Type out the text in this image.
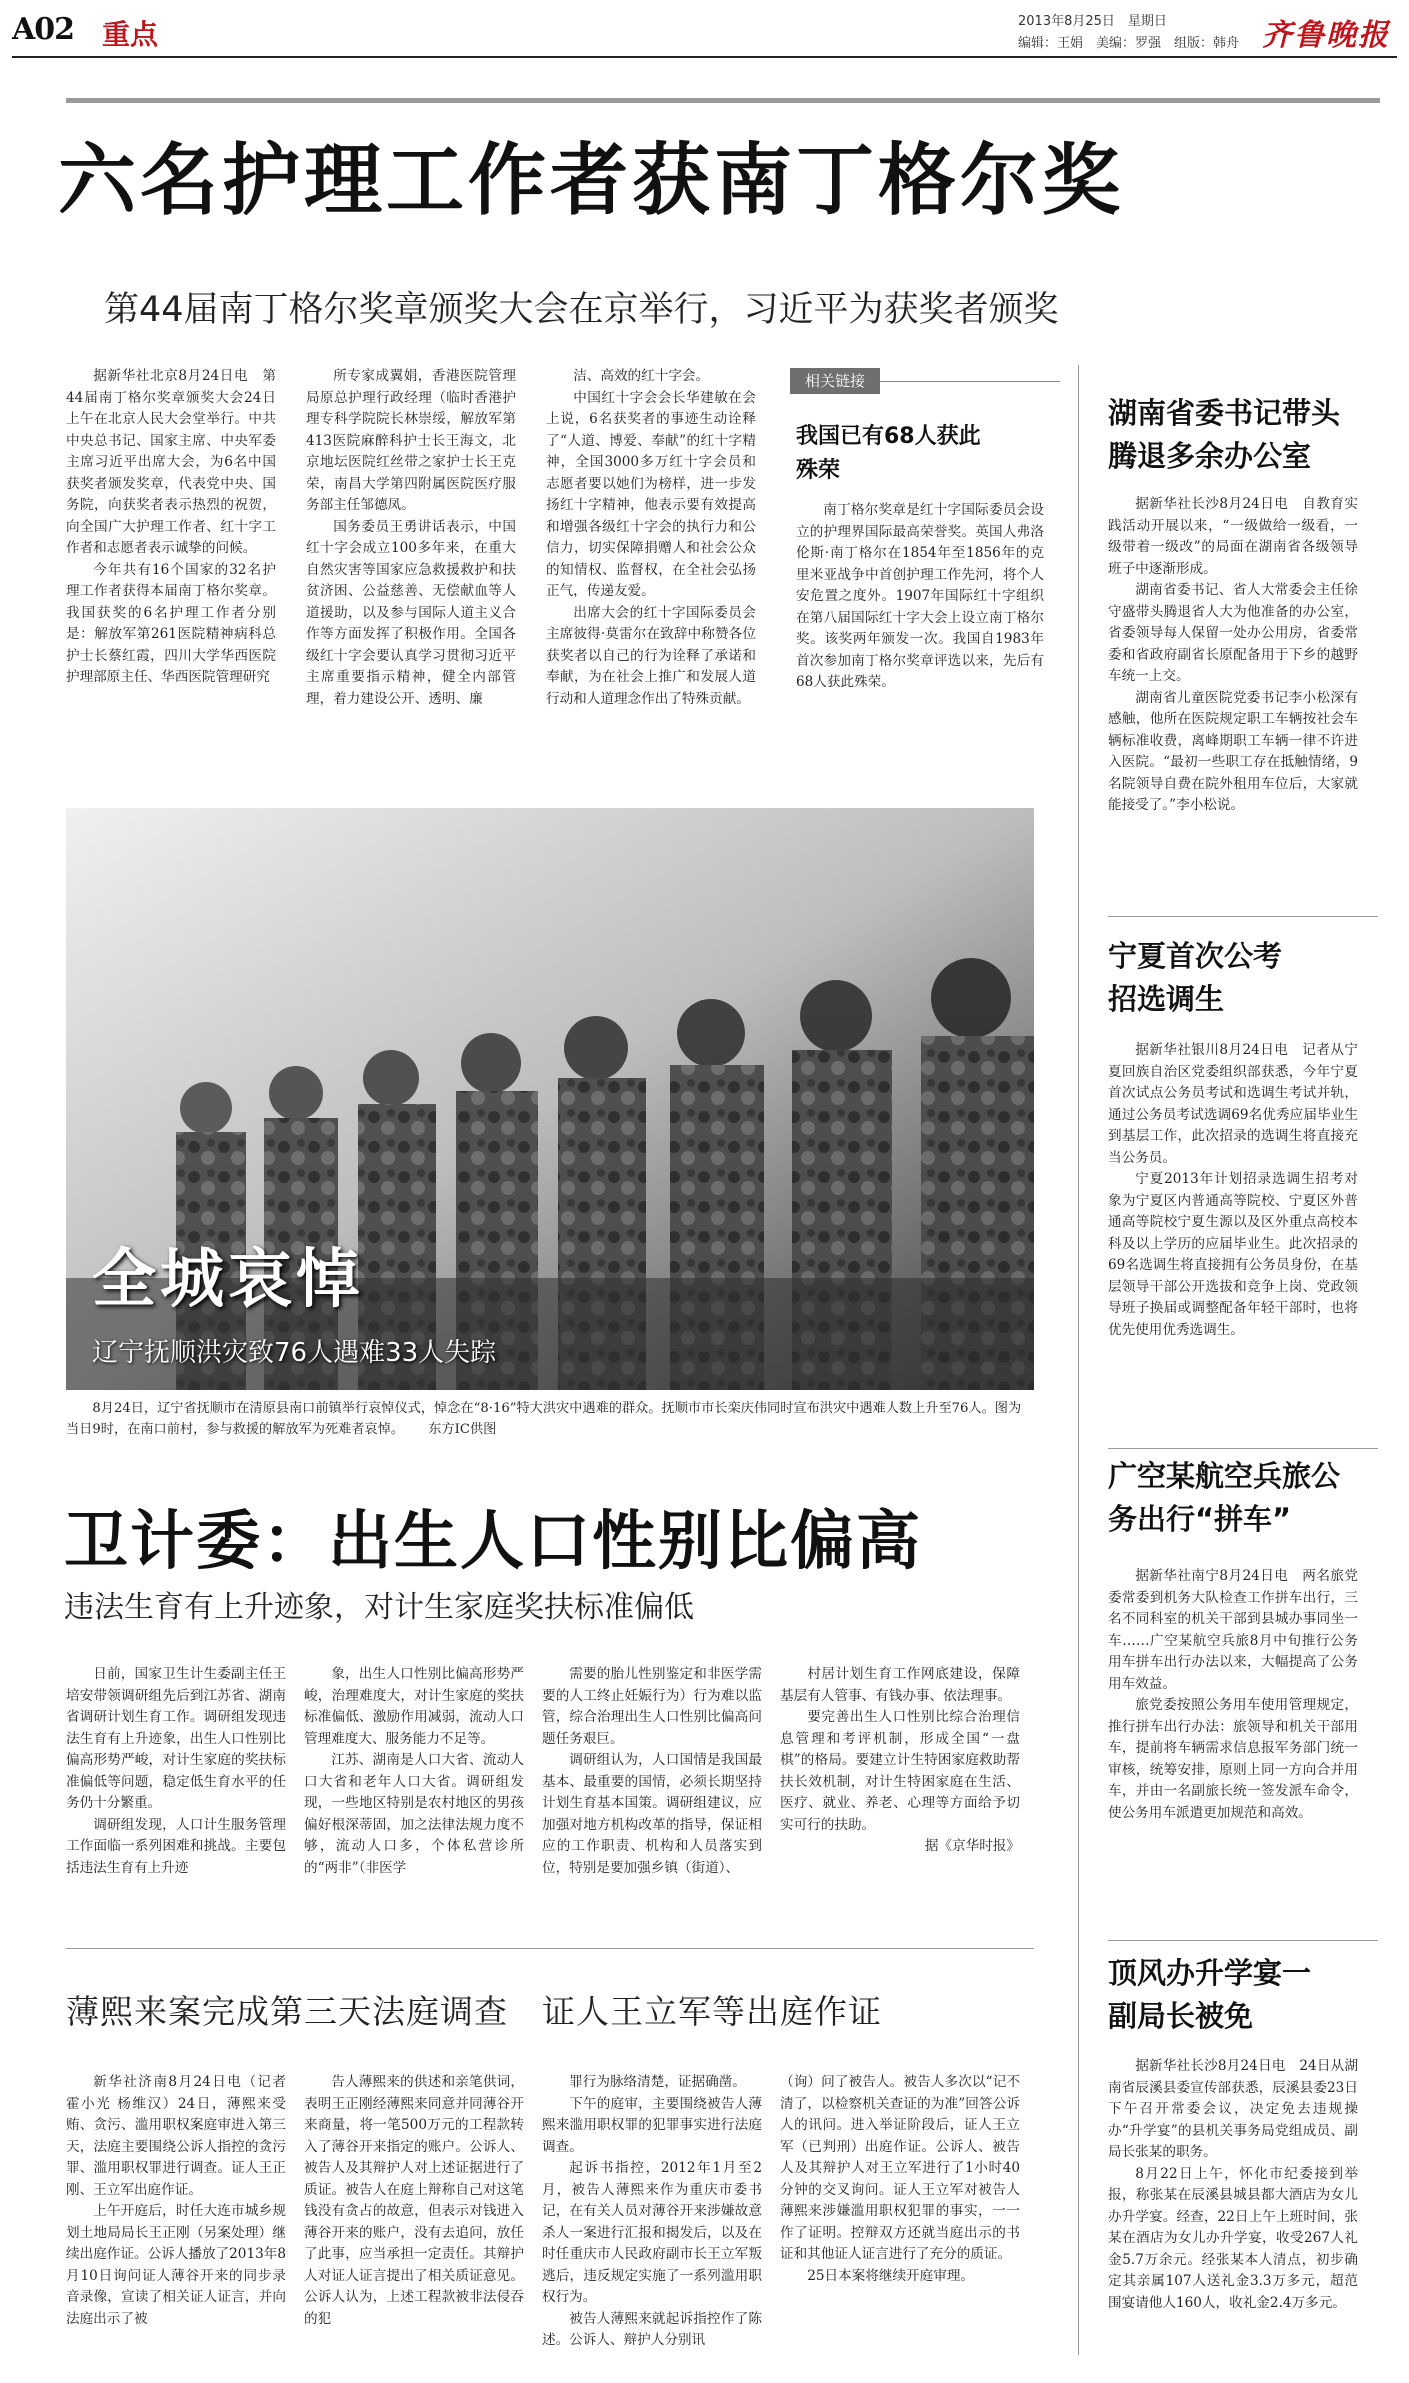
A02 重点	2013年8月25日　星期日
编辑：王娟　美编：罗强　组版：韩舟 齐鲁晚报
六名护理工作者获南丁格尔奖
第44届南丁格尔奖章颁奖大会在京举行，习近平为获奖者颁奖

据新华社北京8月24日电　第44届南丁格尔奖章颁奖大会24日上午在北京人民大会堂举行。中共中央总书记、国家主席、中央军委主席习近平出席大会，为6名中国获奖者颁发奖章，代表党中央、国务院，向获奖者表示热烈的祝贺，向全国广大护理工作者、红十字工作者和志愿者表示诚挚的问候。

今年共有16个国家的32名护理工作者获得本届南丁格尔奖章。我国获奖的6名护理工作者分别是：解放军第261医院精神病科总护士长蔡红霞，四川大学华西医院护理部原主任、华西医院管理研究

所专家成翼娟，香港医院管理局原总护理行政经理（临时香港护理专科学院院长林崇绥，解放军第413医院麻醉科护士长王海文，北京地坛医院红丝带之家护士长王克荣，南昌大学第四附属医院医疗服务部主任邹德凤。

国务委员王勇讲话表示，中国红十字会成立100多年来，在重大自然灾害等国家应急救援救护和扶贫济困、公益慈善、无偿献血等人道援助，以及参与国际人道主义合作等方面发挥了积极作用。全国各级红十字会要认真学习贯彻习近平主席重要指示精神，健全内部管理，着力建设公开、透明、廉

洁、高效的红十字会。

中国红十字会会长华建敏在会上说，6名获奖者的事迹生动诠释了“人道、博爱、奉献”的红十字精神，全国3000多万红十字会员和志愿者要以她们为榜样，进一步发扬红十字精神，他表示要有效提高和增强各级红十字会的执行力和公信力，切实保障捐赠人和社会公众的知情权、监督权，在全社会弘扬正气，传递友爱。

出席大会的红十字国际委员会主席彼得·莫雷尔在致辞中称赞各位获奖者以自己的行为诠释了承诺和奉献，为在社会上推广和发展人道行动和人道理念作出了特殊贡献。

相关链接
我国已有68人获此殊荣

南丁格尔奖章是红十字国际委员会设立的护理界国际最高荣誉奖。英国人弗洛伦斯·南丁格尔在1854年至1856年的克里米亚战争中首创护理工作先河，将个人安危置之度外。1907年国际红十字组织在第八届国际红十字大会上设立南丁格尔奖。该奖两年颁发一次。我国自1983年首次参加南丁格尔奖章评选以来，先后有68人获此殊荣。

全城哀悼
辽宁抚顺洪灾致76人遇难33人失踪
8月24日，辽宁省抚顺市在清原县南口前镇举行哀悼仪式，悼念在“8·16”特大洪灾中遇难的群众。抚顺市市长栾庆伟同时宣布洪灾中遇难人数上升至76人。图为当日9时，在南口前村，参与救援的解放军为死难者哀悼。 东方IC供图
卫计委：出生人口性别比偏高
违法生育有上升迹象，对计生家庭奖扶标准偏低

日前，国家卫生计生委副主任王培安带领调研组先后到江苏省、湖南省调研计划生育工作。调研组发现违法生育有上升迹象，出生人口性别比偏高形势严峻，对计生家庭的奖扶标准偏低等问题，稳定低生育水平的任务仍十分繁重。

调研组发现，人口计生服务管理工作面临一系列困难和挑战。主要包括违法生育有上升迹

象，出生人口性别比偏高形势严峻，治理难度大，对计生家庭的奖扶标准偏低、激励作用减弱，流动人口管理难度大、服务能力不足等。

江苏、湖南是人口大省、流动人口大省和老年人口大省。调研组发现，一些地区特别是农村地区的男孩偏好根深蒂固，加之法律法规力度不够，流动人口多，个体私营诊所的“两非”（非医学

需要的胎儿性别鉴定和非医学需要的人工终止妊娠行为）行为难以监管，综合治理出生人口性别比偏高问题任务艰巨。

调研组认为，人口国情是我国最基本、最重要的国情，必须长期坚持计划生育基本国策。调研组建议，应加强对地方机构改革的指导，保证相应的工作职责、机构和人员落实到位，特别是要加强乡镇（街道）、

村居计划生育工作网底建设，保障基层有人管事、有钱办事、依法理事。

要完善出生人口性别比综合治理信息管理和考评机制，形成全国“一盘棋”的格局。要建立计生特困家庭救助帮扶长效机制，对计生特困家庭在生活、医疗、就业、养老、心理等方面给予切实可行的扶助。

据《京华时报》

薄熙来案完成第三天法庭调查　证人王立军等出庭作证

新华社济南8月24日电（记者 霍小光 杨维汉）24日，薄熙来受贿、贪污、滥用职权案庭审进入第三天，法庭主要围绕公诉人指控的贪污罪、滥用职权罪进行调查。证人王正刚、王立军出庭作证。

上午开庭后，时任大连市城乡规划土地局局长王正刚（另案处理）继续出庭作证。公诉人播放了2013年8月10日询问证人薄谷开来的同步录音录像，宣读了相关证人证言，并向法庭出示了被

告人薄熙来的供述和亲笔供词，表明王正刚经薄熙来同意并同薄谷开来商量，将一笔500万元的工程款转入了薄谷开来指定的账户。公诉人、被告人及其辩护人对上述证据进行了质证。被告人在庭上辩称自己对这笔钱没有贪占的故意，但表示对钱进入薄谷开来的账户，没有去追问，放任了此事，应当承担一定责任。其辩护人对证人证言提出了相关质证意见。公诉人认为，上述工程款被非法侵吞的犯

罪行为脉络清楚，证据确凿。

下午的庭审，主要围绕被告人薄熙来滥用职权罪的犯罪事实进行法庭调查。

起诉书指控，2012年1月至2月，被告人薄熙来作为重庆市委书记，在有关人员对薄谷开来涉嫌故意杀人一案进行汇报和揭发后，以及在时任重庆市人民政府副市长王立军叛逃后，违反规定实施了一系列滥用职权行为。

被告人薄熙来就起诉指控作了陈述。公诉人、辩护人分别讯

（询）问了被告人。被告人多次以“记不清了，以检察机关查证的为准”回答公诉人的讯问。进入举证阶段后，证人王立军（已判刑）出庭作证。公诉人、被告人及其辩护人对王立军进行了1小时40分钟的交叉询问。证人王立军对被告人薄熙来涉嫌滥用职权犯罪的事实，一一作了证明。控辩双方还就当庭出示的书证和其他证人证言进行了充分的质证。

25日本案将继续开庭审理。

湖南省委书记带头腾退多余办公室

据新华社长沙8月24日电　自教育实践活动开展以来，“一级做给一级看，一级带着一级改”的局面在湖南省各级领导班子中逐渐形成。

湖南省委书记、省人大常委会主任徐守盛带头腾退省人大为他准备的办公室，省委领导每人保留一处办公用房，省委常委和省政府副省长原配备用于下乡的越野车统一上交。

湖南省儿童医院党委书记李小松深有感触，他所在医院规定职工车辆按社会车辆标准收费，离峰期职工车辆一律不许进入医院。“最初一些职工存在抵触情绪，9名院领导自费在院外租用车位后，大家就能接受了。”李小松说。

宁夏首次公考招选调生

据新华社银川8月24日电　记者从宁夏回族自治区党委组织部获悉，今年宁夏首次试点公务员考试和选调生考试并轨，通过公务员考试选调69名优秀应届毕业生到基层工作，此次招录的选调生将直接充当公务员。

宁夏2013年计划招录选调生招考对象为宁夏区内普通高等院校、宁夏区外普通高等院校宁夏生源以及区外重点高校本科及以上学历的应届毕业生。此次招录的69名选调生将直接拥有公务员身份，在基层领导干部公开选拔和竞争上岗、党政领导班子换届或调整配备年轻干部时，也将优先使用优秀选调生。

广空某航空兵旅公务出行“拼车”

据新华社南宁8月24日电　两名旅党委常委到机务大队检查工作拼车出行，三名不同科室的机关干部到县城办事同坐一车……广空某航空兵旅8月中旬推行公务用车拼车出行办法以来，大幅提高了公务用车效益。

旅党委按照公务用车使用管理规定，推行拼车出行办法：旅领导和机关干部用车，提前将车辆需求信息报军务部门统一审核，统筹安排，原则上同一方向合并用车，并由一名副旅长统一签发派车命令，使公务用车派遣更加规范和高效。

顶风办升学宴一副局长被免

据新华社长沙8月24日电　24日从湖南省辰溪县委宣传部获悉，辰溪县委23日下午召开常委会议，决定免去违规操办“升学宴”的县机关事务局党组成员、副局长张某的职务。

8月22日上午，怀化市纪委接到举报，称张某在辰溪县城县都大酒店为女儿办升学宴。经查，22日上午上班时间，张某在酒店为女儿办升学宴，收受267人礼金5.7万余元。经张某本人清点，初步确定其亲属107人送礼金3.3万多元，超范围宴请他人160人，收礼金2.4万多元。
